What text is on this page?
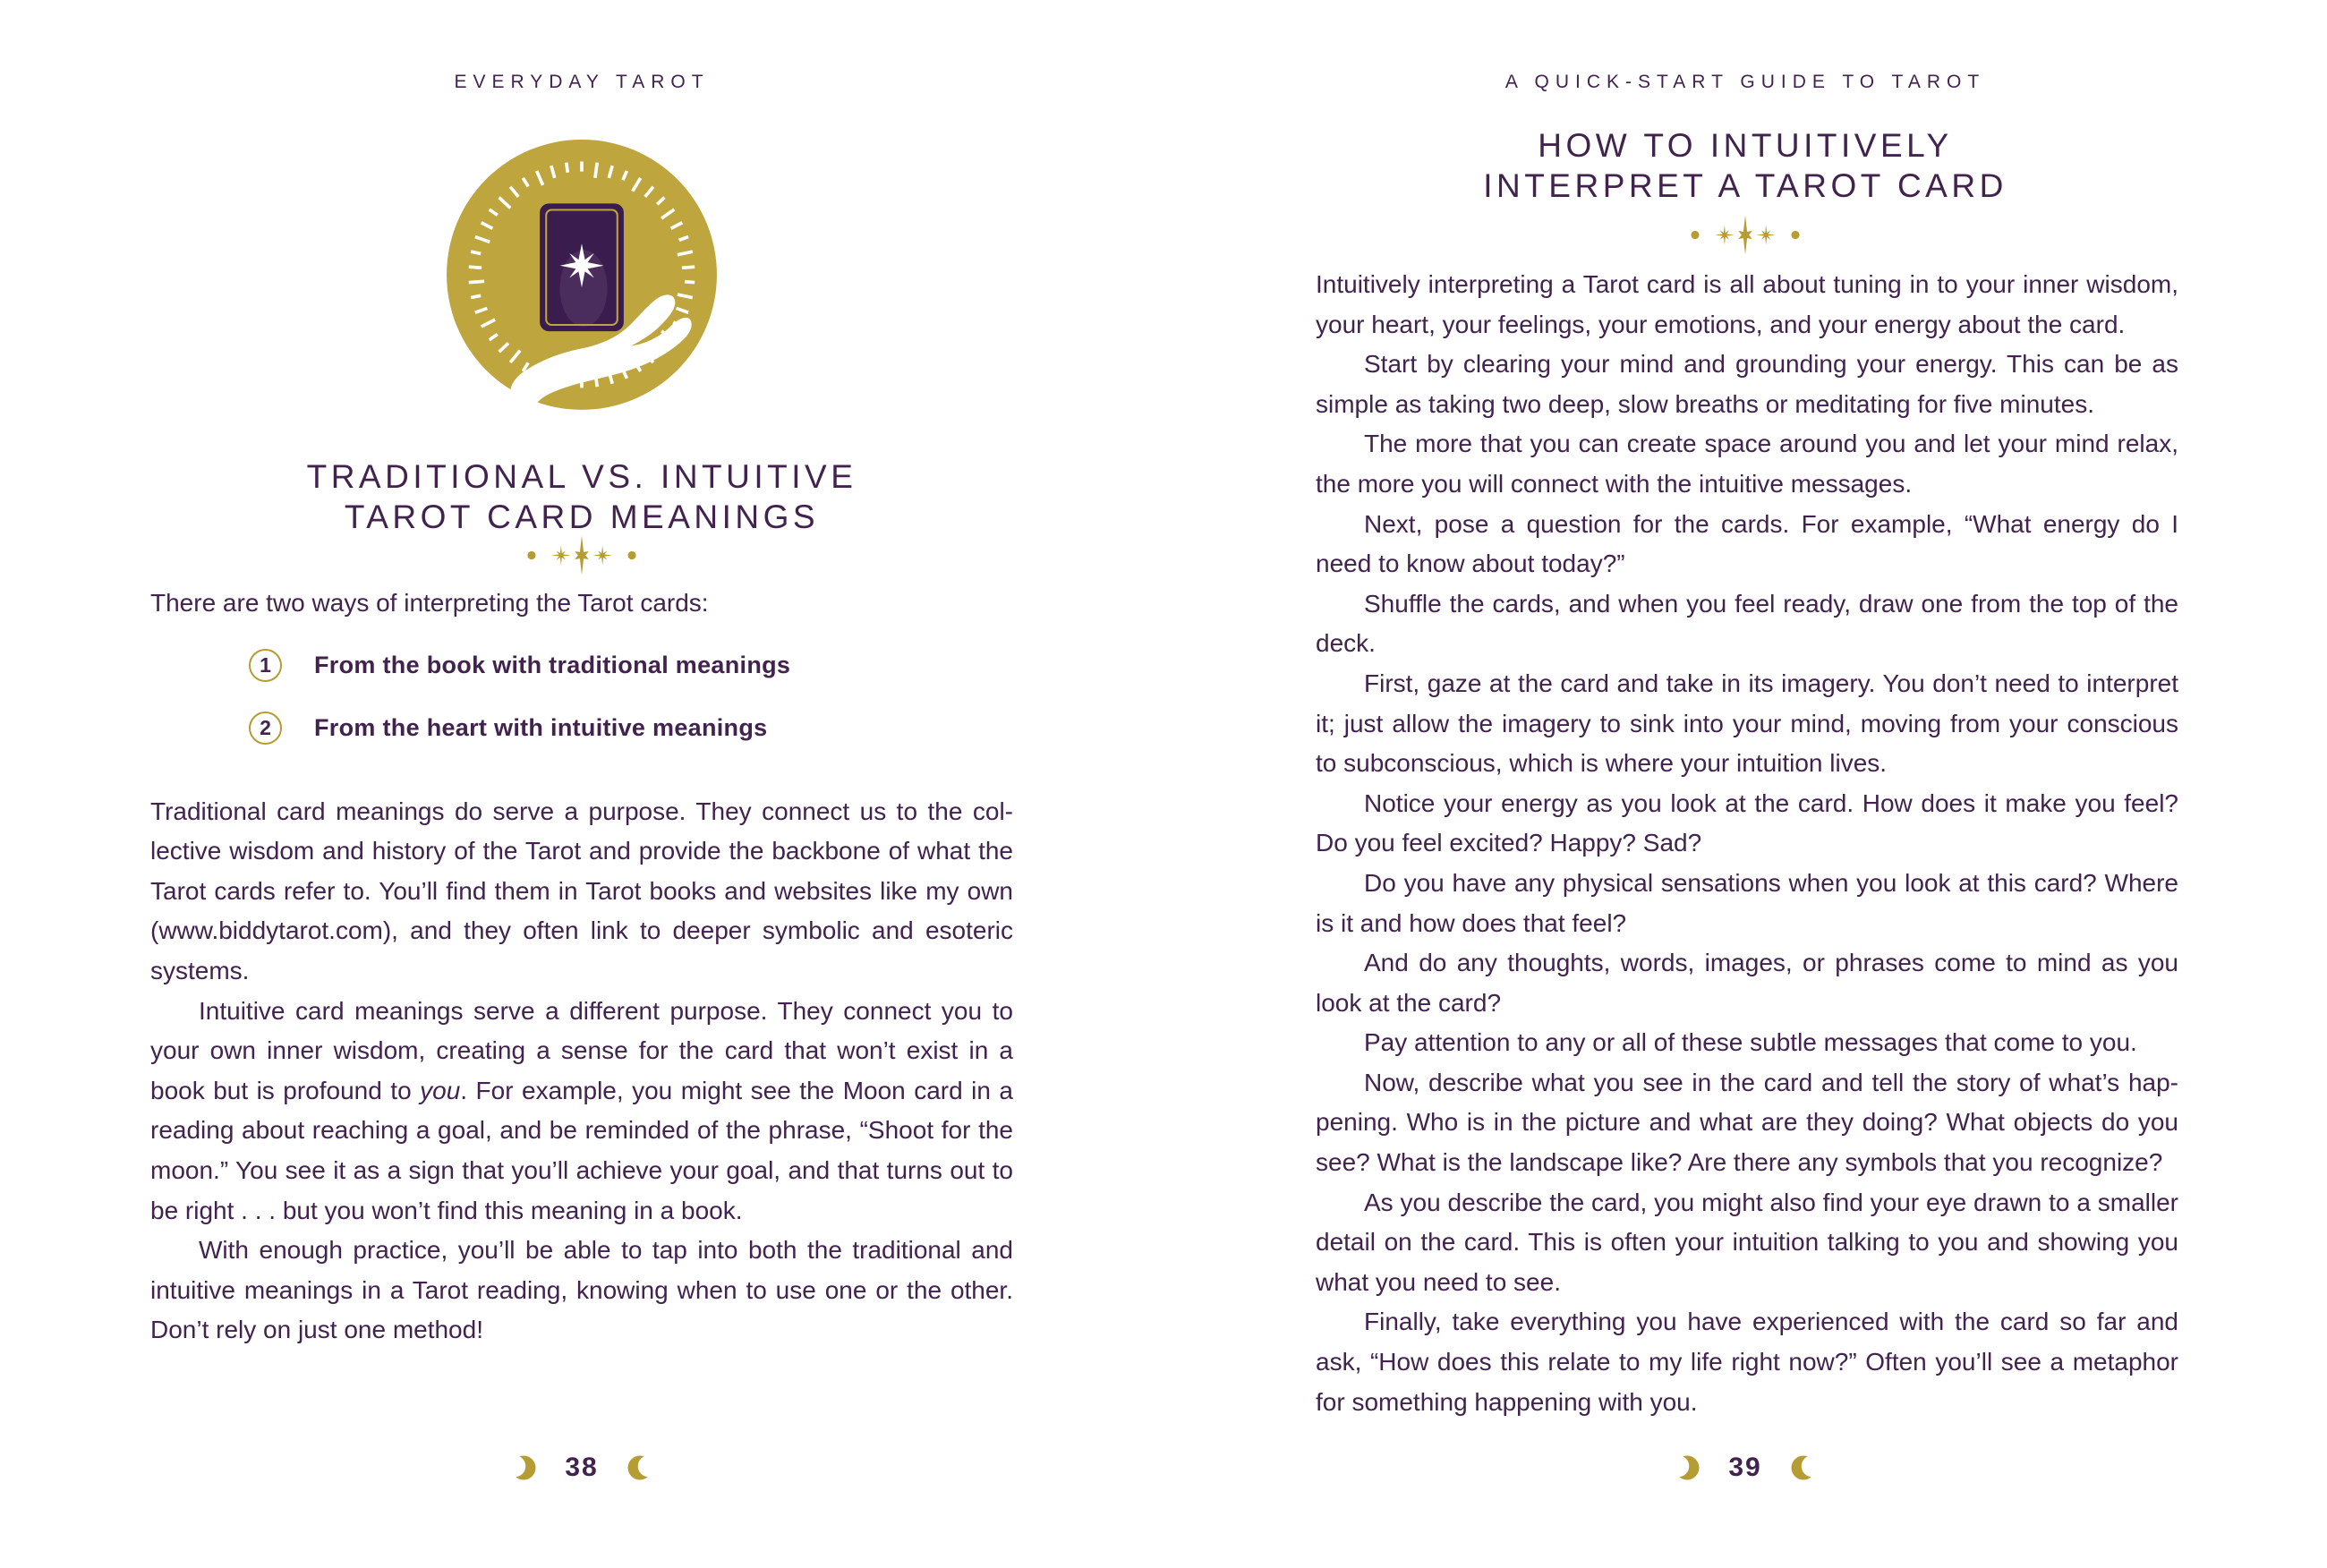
EVERYDAY TAROT
TRADITIONAL VS. INTUITIVE
TAROT CARD MEANINGS

There are two ways of interpreting the Tarot cards:

1	From the book with traditional meanings
2	From the heart with intuitive meanings

Traditional card meanings do serve a purpose. They connect us to the collective wisdom and history of the Tarot and provide the backbone of what the Tarot cards refer to. You’ll find them in Tarot books and websites like my own (www.biddytarot.com), and they often link to deeper symbolic and esoteric systems.

Intuitive card meanings serve a different purpose. They connect you to your own inner wisdom, creating a sense for the card that won’t exist in a book but is profound to you. For example, you might see the Moon card in a reading about reaching a goal, and be reminded of the phrase, “Shoot for the moon.” You see it as a sign that you’ll achieve your goal, and that turns out to be right . . . but you won’t find this meaning in a book.

With enough practice, you’ll be able to tap into both the traditional and intuitive meanings in a Tarot reading, knowing when to use one or the other. Don’t rely on just one method!

38
A QUICK-START GUIDE TO TAROT
HOW TO INTUITIVELY
INTERPRET A TAROT CARD

Intuitively interpreting a Tarot card is all about tuning in to your inner wisdom, your heart, your feelings, your emotions, and your energy about the card.

Start by clearing your mind and grounding your energy. This can be as simple as taking two deep, slow breaths or meditating for five minutes.

The more that you can create space around you and let your mind relax, the more you will connect with the intuitive messages.

Next, pose a question for the cards. For example, “What energy do I need to know about today?”

Shuffle the cards, and when you feel ready, draw one from the top of the deck.

First, gaze at the card and take in its imagery. You don’t need to interpret it; just allow the imagery to sink into your mind, moving from your conscious to subconscious, which is where your intuition lives.

Notice your energy as you look at the card. How does it make you feel? Do you feel excited? Happy? Sad?

Do you have any physical sensations when you look at this card? Where is it and how does that feel?

And do any thoughts, words, images, or phrases come to mind as you look at the card?

Pay attention to any or all of these subtle messages that come to you.

Now, describe what you see in the card and tell the story of what’s happening. Who is in the picture and what are they doing? What objects do you see? What is the landscape like? Are there any symbols that you recognize?

As you describe the card, you might also find your eye drawn to a smaller detail on the card. This is often your intuition talking to you and showing you what you need to see.

Finally, take everything you have experienced with the card so far and ask, “How does this relate to my life right now?” Often you’ll see a metaphor for something happening with you.

39
